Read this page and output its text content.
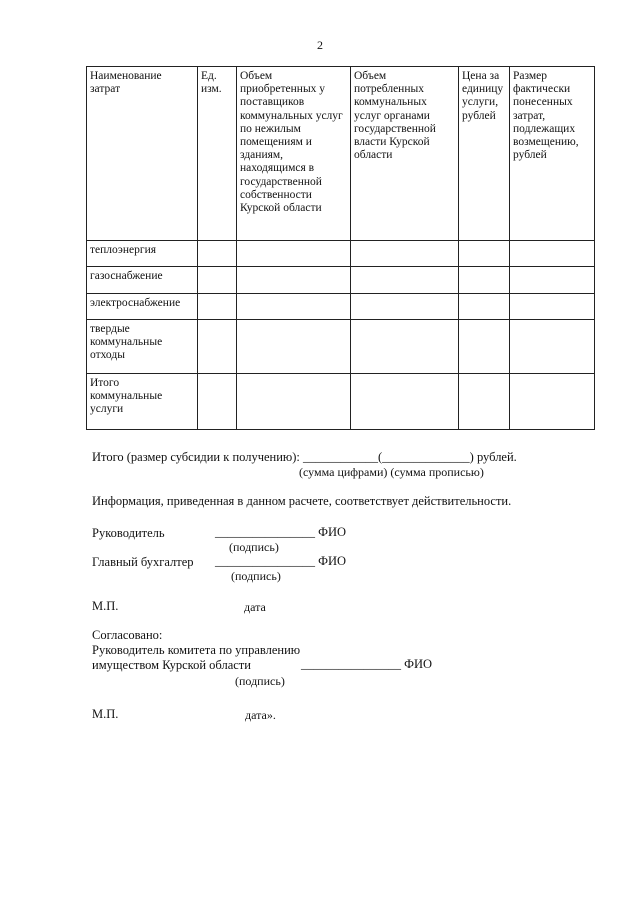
2
Наименование затрат	Ед. изм.	Объем приобретенных у поставщиков коммунальных услуг по нежилым помещениям и зданиям, находящимся в государственной собственности Курской области	Объем потребленных коммунальных услуг органами государственной власти Курской области	Цена за единицу услуги, рублей	Размер фактически понесенных затрат, подлежащих возмещению, рублей
теплоэнергия					
газоснабжение					
электроснабжение					
твердые коммунальные отходы					
Итого коммунальные услуги					
Итого (размер субсидии к получению): ____________(______________) рублей.
(сумма цифрами) (сумма прописью)
Информация, приведенная в данном расчете, соответствует действительности.
Руководитель	________________ ФИО
(подпись)
Главный бухгалтер ________________ ФИО
(подпись)
М.П.	дата
Согласовано:
Руководитель комитета по управлению
имуществом Курской области	________________ ФИО
(подпись)
М.П.	дата».
